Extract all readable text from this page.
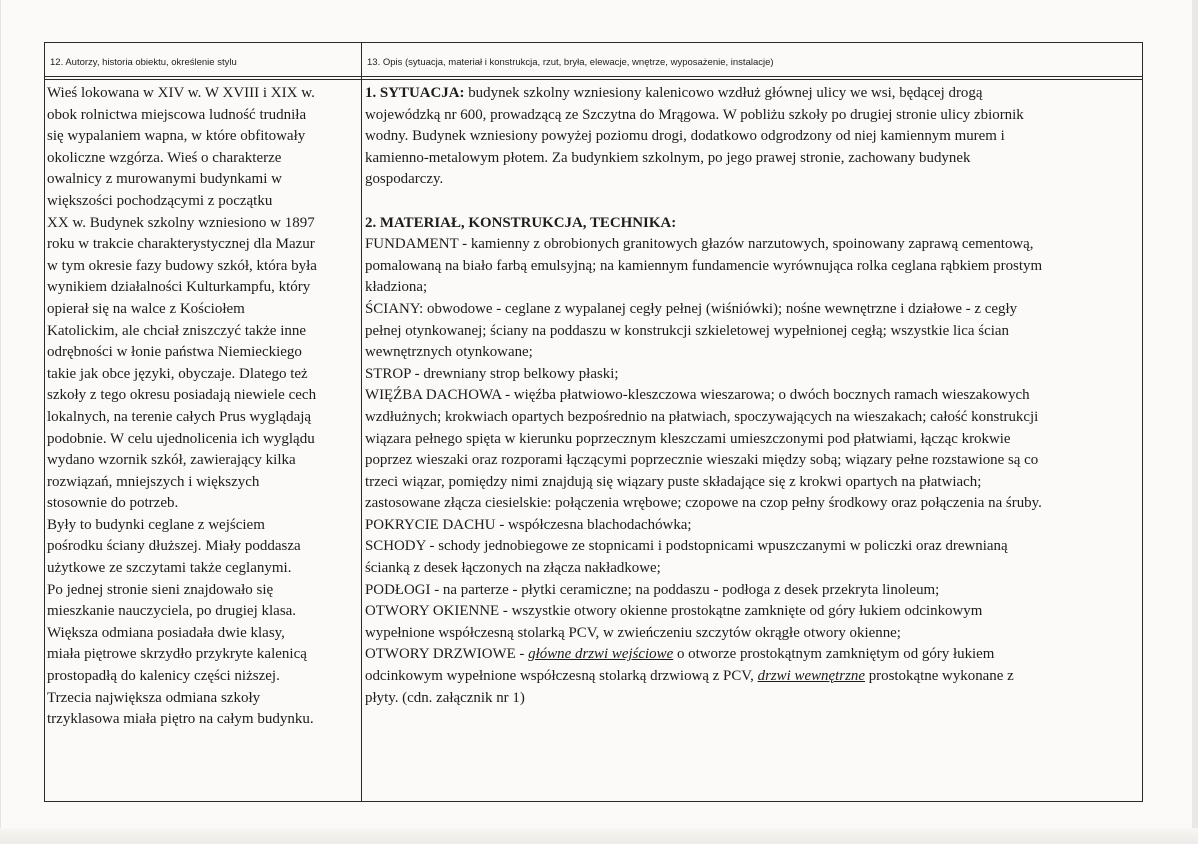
12. Autorzy, historia obiektu, określenie stylu	13. Opis (sytuacja, materiał i konstrukcja, rzut, bryła, elewacje, wnętrze, wyposażenie, instalacje)
Wieś lokowana w XIV w. W XVIII i XIX w.
obok rolnictwa miejscowa ludność trudniła
się wypalaniem wapna, w które obfitowały
okoliczne wzgórza. Wieś o charakterze
owalnicy z murowanymi budynkami w
większości pochodzącymi z początku
XX w. Budynek szkolny wzniesiono w 1897
roku w trakcie charakterystycznej dla Mazur
w tym okresie fazy budowy szkół, która była
wynikiem działalności Kulturkampfu, który
opierał się na walce z Kościołem
Katolickim, ale chciał zniszczyć także inne
odrębności w łonie państwa Niemieckiego
takie jak obce języki, obyczaje. Dlatego też
szkoły z tego okresu posiadają niewiele cech
lokalnych, na terenie całych Prus wyglądają
podobnie. W celu ujednolicenia ich wyglądu
wydano wzornik szkół, zawierający kilka
rozwiązań, mniejszych i większych
stosownie do potrzeb.
Były to budynki ceglane z wejściem
pośrodku ściany dłuższej. Miały poddasza
użytkowe ze szczytami także ceglanymi.
Po jednej stronie sieni znajdowało się
mieszkanie nauczyciela, po drugiej klasa.
Większa odmiana posiadała dwie klasy,
miała piętrowe skrzydło przykryte kalenicą
prostopadłą do kalenicy części niższej.
Trzecia największa odmiana szkoły
trzyklasowa miała piętro na całym budynku.
1. SYTUACJA: budynek szkolny wzniesiony kalenicowo wzdłuż głównej ulicy we wsi, będącej drogą
wojewódzką nr 600, prowadzącą ze Szczytna do Mrągowa. W pobliżu szkoły po drugiej stronie ulicy zbiornik
wodny. Budynek wzniesiony powyżej poziomu drogi, dodatkowo odgrodzony od niej kamiennym murem i
kamienno-metalowym płotem. Za budynkiem szkolnym, po jego prawej stronie, zachowany budynek
gospodarczy.
2. MATERIAŁ, KONSTRUKCJA, TECHNIKA:
FUNDAMENT - kamienny z obrobionych granitowych głazów narzutowych, spoinowany zaprawą cementową,
pomalowaną na biało farbą emulsyjną; na kamiennym fundamencie wyrównująca rolka ceglana rąbkiem prostym
kładziona;
ŚCIANY: obwodowe - ceglane z wypalanej cegły pełnej (wiśniówki); nośne wewnętrzne i działowe - z cegły
pełnej otynkowanej; ściany na poddaszu w konstrukcji szkieletowej wypełnionej cegłą; wszystkie lica ścian
wewnętrznych otynkowane;
STROP - drewniany strop belkowy płaski;
WIĘŹBA DACHOWA - więźba płatwiowo-kleszczowa wieszarowa; o dwóch bocznych ramach wieszakowych
wzdłużnych; krokwiach opartych bezpośrednio na płatwiach, spoczywających na wieszakach; całość konstrukcji
wiązara pełnego spięta w kierunku poprzecznym kleszczami umieszczonymi pod płatwiami, łącząc krokwie
poprzez wieszaki oraz rozporami łączącymi poprzecznie wieszaki między sobą; wiązary pełne rozstawione są co
trzeci wiązar, pomiędzy nimi znajdują się wiązary puste składające się z krokwi opartych na płatwiach;
zastosowane złącza ciesielskie: połączenia wrębowe; czopowe na czop pełny środkowy oraz połączenia na śruby.
POKRYCIE DACHU - współczesna blachodachówka;
SCHODY - schody jednobiegowe ze stopnicami i podstopnicami wpuszczanymi w policzki oraz drewnianą
ścianką z desek łączonych na złącza nakładkowe;
PODŁOGI - na parterze - płytki ceramiczne; na poddaszu - podłoga z desek przekryta linoleum;
OTWORY OKIENNE - wszystkie otwory okienne prostokątne zamknięte od góry łukiem odcinkowym
wypełnione współczesną stolarką PCV, w zwieńczeniu szczytów okrągłe otwory okienne;
OTWORY DRZWIOWE - główne drzwi wejściowe o otworze prostokątnym zamkniętym od góry łukiem
odcinkowym wypełnione współczesną stolarką drzwiową z PCV, drzwi wewnętrzne prostokątne wykonane z
płyty. (cdn. załącznik nr 1)
